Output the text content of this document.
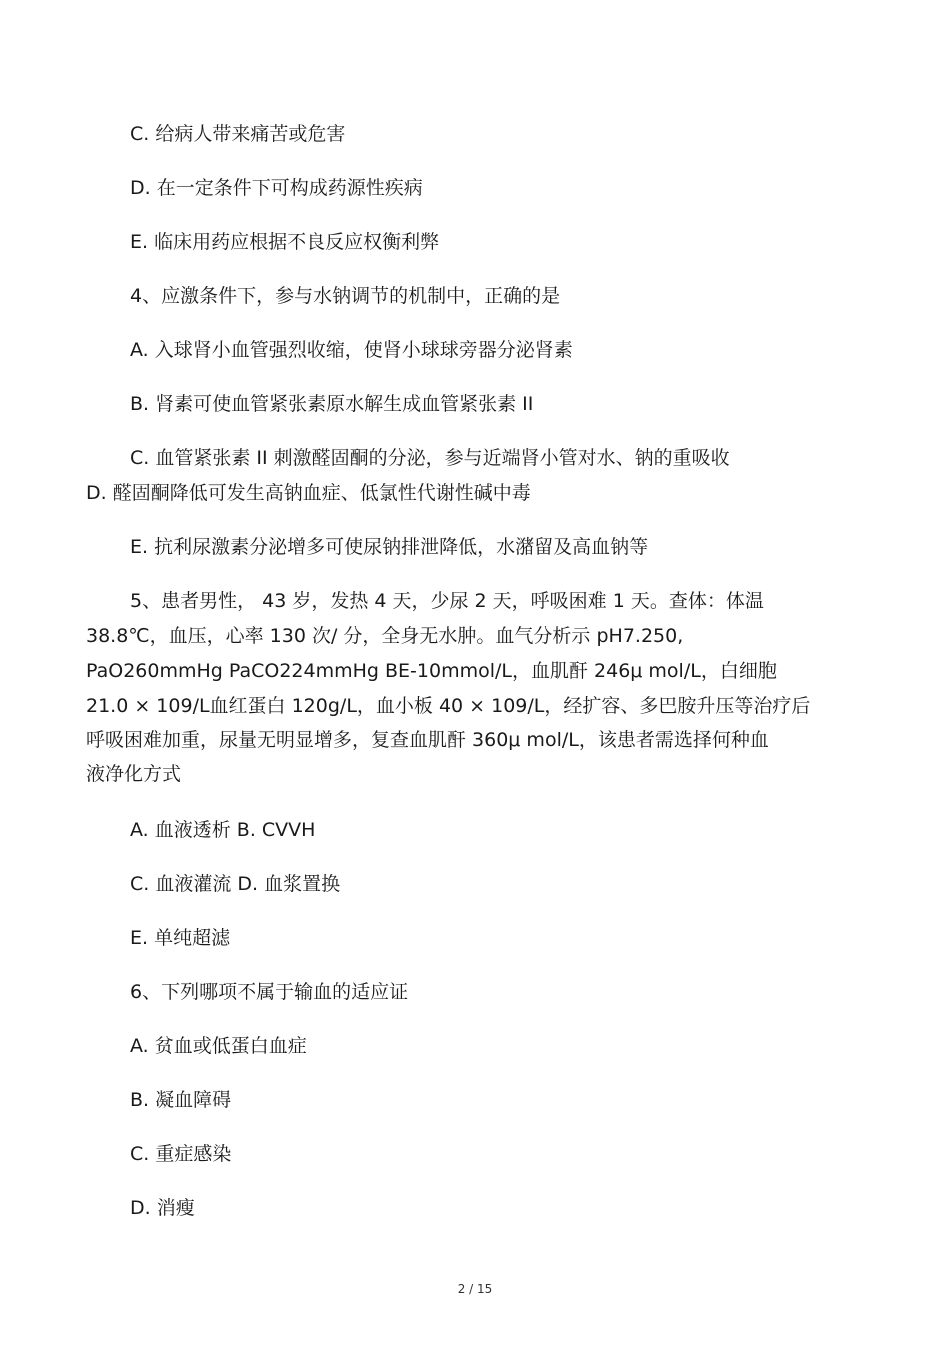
C. 给病人带来痛苦或危害

D. 在一定条件下可构成药源性疾病

E. 临床用药应根据不良反应权衡利弊

4、应激条件下，参与水钠调节的机制中，正确的是

A. 入球肾小血管强烈收缩，使肾小球球旁器分泌肾素

B. 肾素可使血管紧张素原水解生成血管紧张素 II

C. 血管紧张素 II 刺激醛固酮的分泌，参与近端肾小管对水、钠的重吸收

D. 醛固酮降低可发生高钠血症、低氯性代谢性碱中毒

E. 抗利尿激素分泌增多可使尿钠排泄降低，水潴留及高血钠等

5、患者男性， 43 岁，发热 4 天，少尿 2 天，呼吸困难 1 天。查体：体温

38.8℃，血压，心率 130 次/ 分，全身无水肿。血气分析示 pH7.250,

PaO260mmHg PaCO224mmHg BE-10mmol/L，血肌酐 246μ mol/L，白细胞

21.0 × 109/L血红蛋白 120g/L，血小板 40 × 109/L，经扩容、多巴胺升压等治疗后

呼吸困难加重，尿量无明显增多，复查血肌酐 360μ mol/L，该患者需选择何种血

液净化方式

A. 血液透析 B. CVVH

C. 血液灌流 D. 血浆置换

E. 单纯超滤

6、下列哪项不属于输血的适应证

A. 贫血或低蛋白血症

B. 凝血障碍

C. 重症感染

D. 消瘦

2 / 15
